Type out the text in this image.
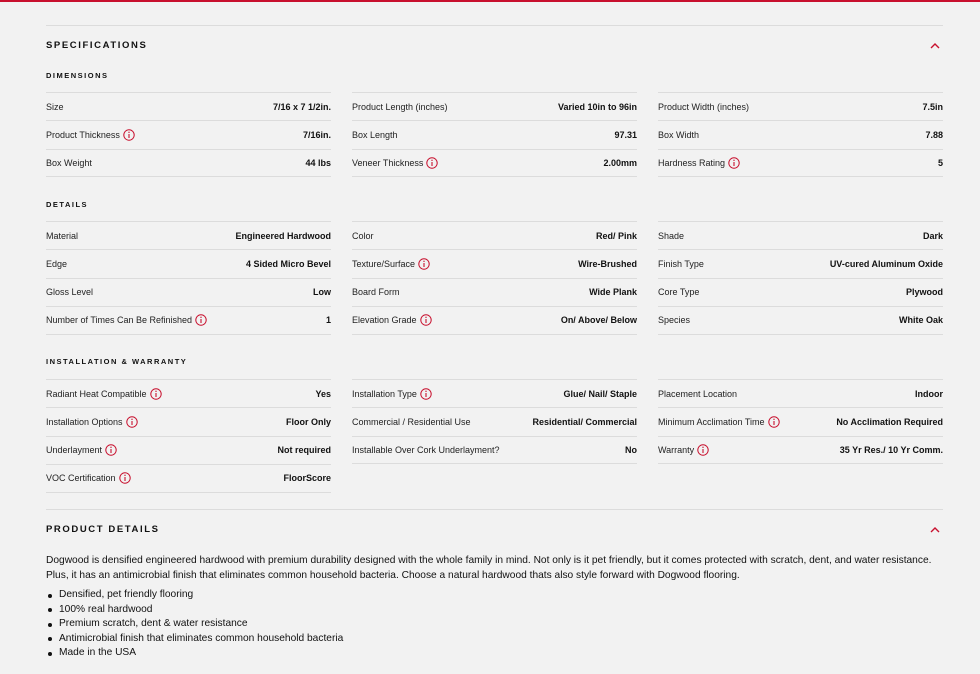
SPECIFICATIONS
DIMENSIONS
Size	7/16 x 7 1/2in.
Product Thickness	7/16in.
Box Weight	44 lbs
Product Length (inches)	Varied 10in to 96in
Box Length	97.31
Veneer Thickness	2.00mm
Product Width (inches)	7.5in
Box Width	7.88
Hardness Rating	5
DETAILS
Material	Engineered Hardwood
Edge	4 Sided Micro Bevel
Gloss Level	Low
Number of Times Can Be Refinished	1
Color	Red/ Pink
Texture/Surface	Wire-Brushed
Board Form	Wide Plank
Elevation Grade	On/ Above/ Below
Shade	Dark
Finish Type	UV-cured Aluminum Oxide
Core Type	Plywood
Species	White Oak
INSTALLATION & WARRANTY
Radiant Heat Compatible	Yes
Installation Options	Floor Only
Underlayment	Not required
VOC Certification	FloorScore
Installation Type	Glue/ Nail/ Staple
Commercial / Residential Use	Residential/ Commercial
Installable Over Cork Underlayment?	No
Placement Location	Indoor
Minimum Acclimation Time	No Acclimation Required
Warranty	35 Yr Res./ 10 Yr Comm.
PRODUCT DETAILS

Dogwood is densified engineered hardwood with premium durability designed with the whole family in mind. Not only is it pet friendly, but it comes protected with scratch, dent, and water resistance. Plus, it has an antimicrobial finish that eliminates common household bacteria. Choose a natural hardwood thats also style forward with Dogwood flooring.

Densified, pet friendly flooring
100% real hardwood
Premium scratch, dent & water resistance
Antimicrobial finish that eliminates common household bacteria
Made in the USA
